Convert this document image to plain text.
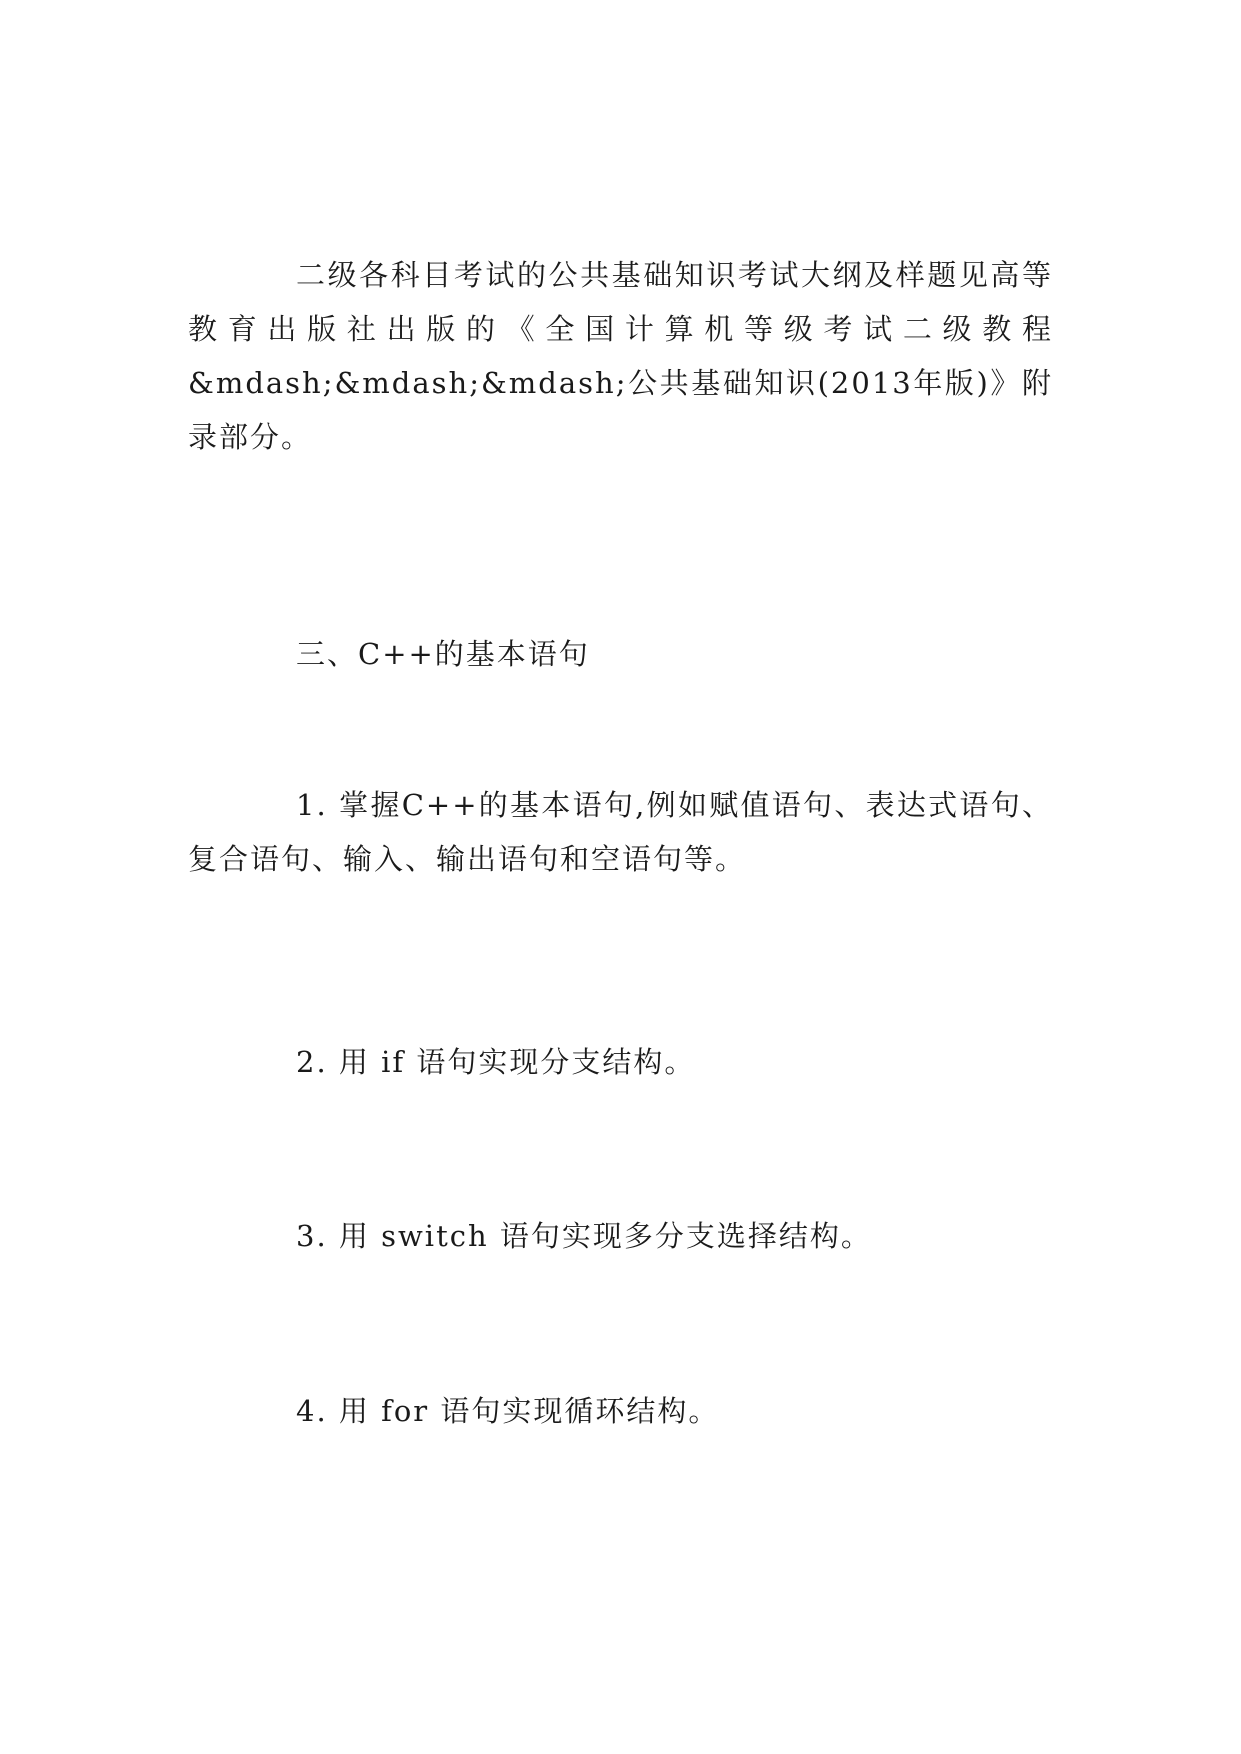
二级各科目考试的公共基础知识考试大纲及样题见高等教育出版社出版的《全国计算机等级考试二级教程&mdash;&mdash;&mdash;公共基础知识(2013年版)》附录部分。

三、C++的基本语句

1. 掌握C++的基本语句,例如赋值语句、表达式语句、复合语句、输入、输出语句和空语句等。

2. 用 if 语句实现分支结构。

3. 用 switch 语句实现多分支选择结构。

4. 用 for 语句实现循环结构。
